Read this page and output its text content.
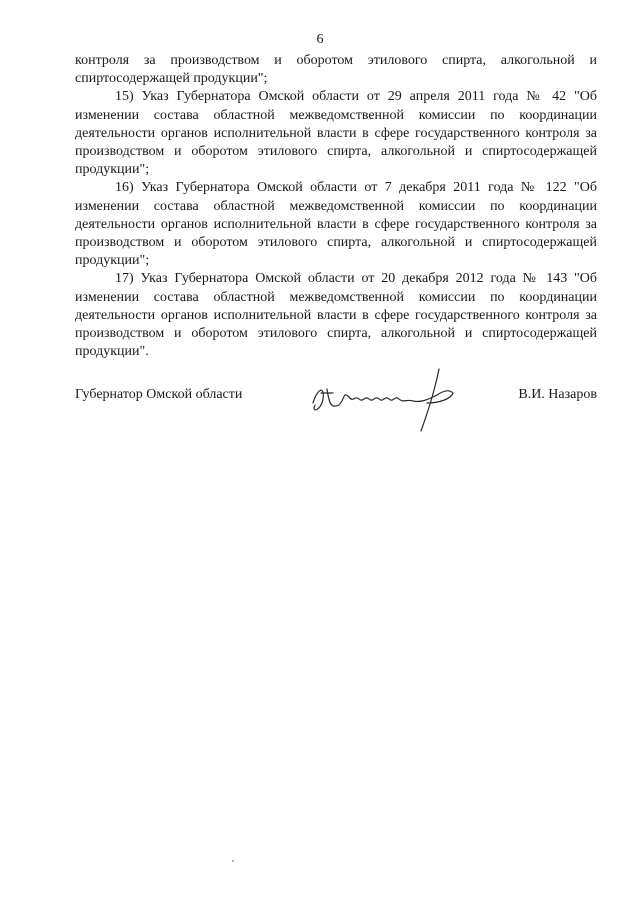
6

контроля за производством и оборотом этилового спирта, алкогольной и спиртосодержащей продукции";

15) Указ Губернатора Омской области от 29 апреля 2011 года № 42 "Об изменении состава областной межведомственной комиссии по координации деятельности органов исполнительной власти в сфере государственного контроля за производством и оборотом этилового спирта, алкогольной и спиртосодержащей продукции";

16) Указ Губернатора Омской области от 7 декабря 2011 года № 122 "Об изменении состава областной межведомственной комиссии по координации деятельности органов исполнительной власти в сфере государственного контроля за производством и оборотом этилового спирта, алкогольной и спиртосодержащей продукции";

17) Указ Губернатора Омской области от 20 декабря 2012 года № 143 "Об изменении состава областной межведомственной комиссии по координации деятельности органов исполнительной власти в сфере государственного контроля за производством и оборотом этилового спирта, алкогольной и спиртосодержащей продукции".

Губернатор Омской области	В.И. Назаров
